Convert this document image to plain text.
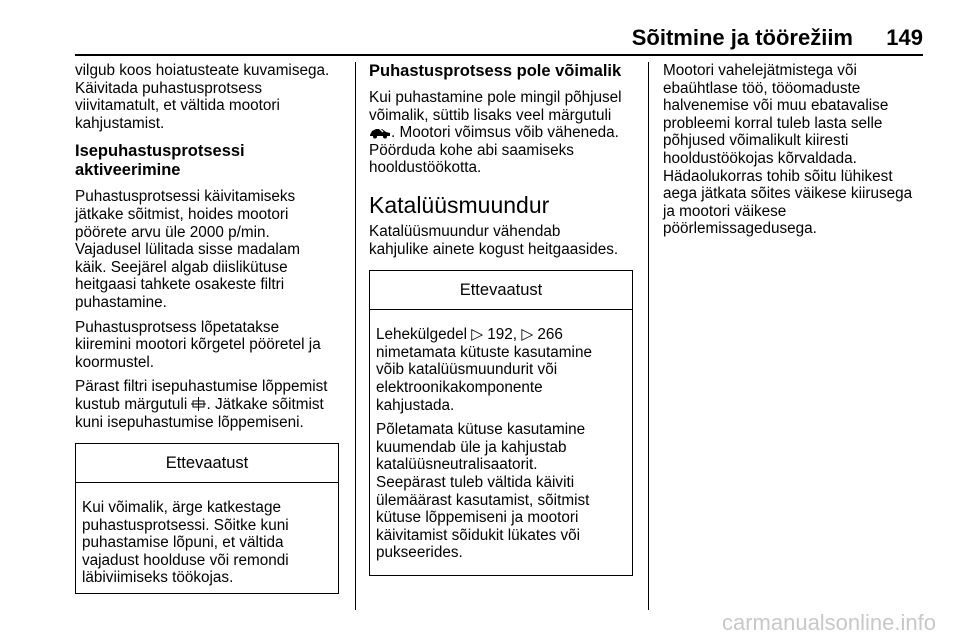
Sõitmine ja töörežiim 149

vilgub koos hoiatusteate kuvamisega.
Käivitada puhastusprotsess
viivitamatult, et vältida mootori
kahjustamist.

Isepuhastusprotsessi
aktiveerimine

Puhastusprotsessi käivitamiseks
jätkake sõitmist, hoides mootori
pöörete arvu üle 2000 p/min.
Vajadusel lülitada sisse madalam
käik. Seejärel algab diislikütuse
heitgaasi tahkete osakeste filtri
puhastamine.

Puhastusprotsess lõpetatakse
kiiremini mootori kõrgetel pööretel ja
koormustel.

Pärast filtri isepuhastumise lõppemist
kustub märgutuli . Jätkake sõitmist
kuni isepuhastumise lõppemiseni.

Ettevaatust
Kui võimalik, ärge katkestage
puhastusprotsessi. Sõitke kuni
puhastamise lõpuni, et vältida
vajadust hoolduse või remondi
läbiviimiseks töökojas.
Puhastusprotsess pole võimalik

Kui puhastamine pole mingil põhjusel
võimalik, süttib lisaks veel märgutuli
. Mootori võimsus võib väheneda.
Pöörduda kohe abi saamiseks
hooldustöökotta.

Katalüüsmuundur

Katalüüsmuundur vähendab
kahjulike ainete kogust heitgaasides.

Ettevaatust

Lehekülgedel ▷ 192, ▷ 266
nimetamata kütuste kasutamine
võib katalüüsmuundurit või
elektroonikakomponente
kahjustada.

Põletamata kütuse kasutamine
kuumendab üle ja kahjustab
katalüüsneutralisaatorit.
Seepärast tuleb vältida käiviti
ülemäärast kasutamist, sõitmist
kütuse lõppemiseni ja mootori
käivitamist sõidukit lükates või
pukseerides.

Mootori vahelejätmistega või
ebaühtlase töö, tööomaduste
halvenemise või muu ebatavalise
probleemi korral tuleb lasta selle
põhjused võimalikult kiiresti
hooldustöökojas kõrvaldada.
Hädaolukorras tohib sõitu lühikest
aega jätkata sõites väikese kiirusega
ja mootori väikese
pöörlemissagedusega.

carmanualsonline.info
